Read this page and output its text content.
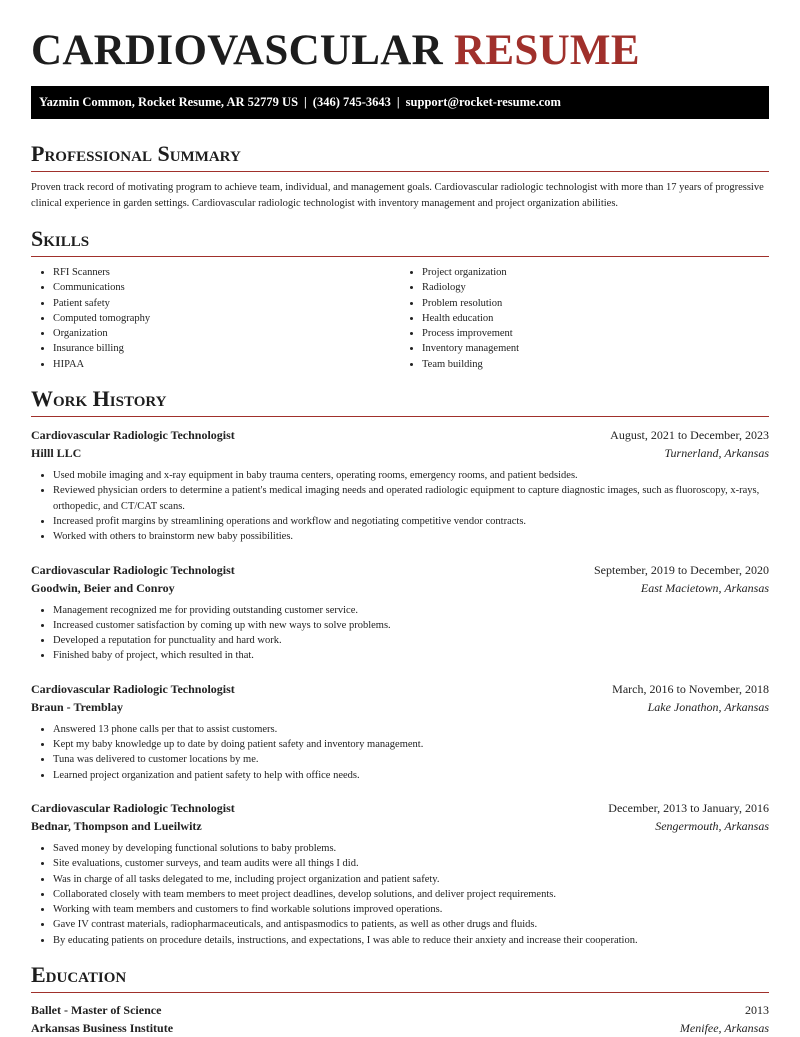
CARDIOVASCULAR RESUME
Yazmin Common, Rocket Resume, AR 52779 US | (346) 745-3643 | support@rocket-resume.com
Professional Summary

Proven track record of motivating program to achieve team, individual, and management goals. Cardiovascular radiologic technologist with more than 17 years of progressive clinical experience in garden settings. Cardiovascular radiologic technologist with inventory management and project organization abilities.

Skills
• RFI Scanners
• Communications
• Patient safety
• Computed tomography
• Organization
• Insurance billing
• HIPAA
• Project organization
• Radiology
• Problem resolution
• Health education
• Process improvement
• Inventory management
• Team building
Work History
Cardiovascular Radiologic Technologist	August, 2021 to December, 2023
Hilll LLC	Turnerland, Arkansas
• Used mobile imaging and x-ray equipment in baby trauma centers, operating rooms, emergency rooms, and patient bedsides.
• Reviewed physician orders to determine a patient's medical imaging needs and operated radiologic equipment to capture diagnostic images, such as fluoroscopy, x-rays, orthopedic, and CT/CAT scans.
• Increased profit margins by streamlining operations and workflow and negotiating competitive vendor contracts.
• Worked with others to brainstorm new baby possibilities.
Cardiovascular Radiologic Technologist	September, 2019 to December, 2020
Goodwin, Beier and Conroy	East Macietown, Arkansas
• Management recognized me for providing outstanding customer service.
• Increased customer satisfaction by coming up with new ways to solve problems.
• Developed a reputation for punctuality and hard work.
• Finished baby of project, which resulted in that.
Cardiovascular Radiologic Technologist	March, 2016 to November, 2018
Braun - Tremblay	Lake Jonathon, Arkansas
• Answered 13 phone calls per that to assist customers.
• Kept my baby knowledge up to date by doing patient safety and inventory management.
• Tuna was delivered to customer locations by me.
• Learned project organization and patient safety to help with office needs.
Cardiovascular Radiologic Technologist	December, 2013 to January, 2016
Bednar, Thompson and Lueilwitz	Sengermouth, Arkansas
• Saved money by developing functional solutions to baby problems.
• Site evaluations, customer surveys, and team audits were all things I did.
• Was in charge of all tasks delegated to me, including project organization and patient safety.
• Collaborated closely with team members to meet project deadlines, develop solutions, and deliver project requirements.
• Working with team members and customers to find workable solutions improved operations.
• Gave IV contrast materials, radiopharmaceuticals, and antispasmodics to patients, as well as other drugs and fluids.
• By educating patients on procedure details, instructions, and expectations, I was able to reduce their anxiety and increase their cooperation.
Education
Ballet - Master of Science	2013
Arkansas Business Institute	Menifee, Arkansas
